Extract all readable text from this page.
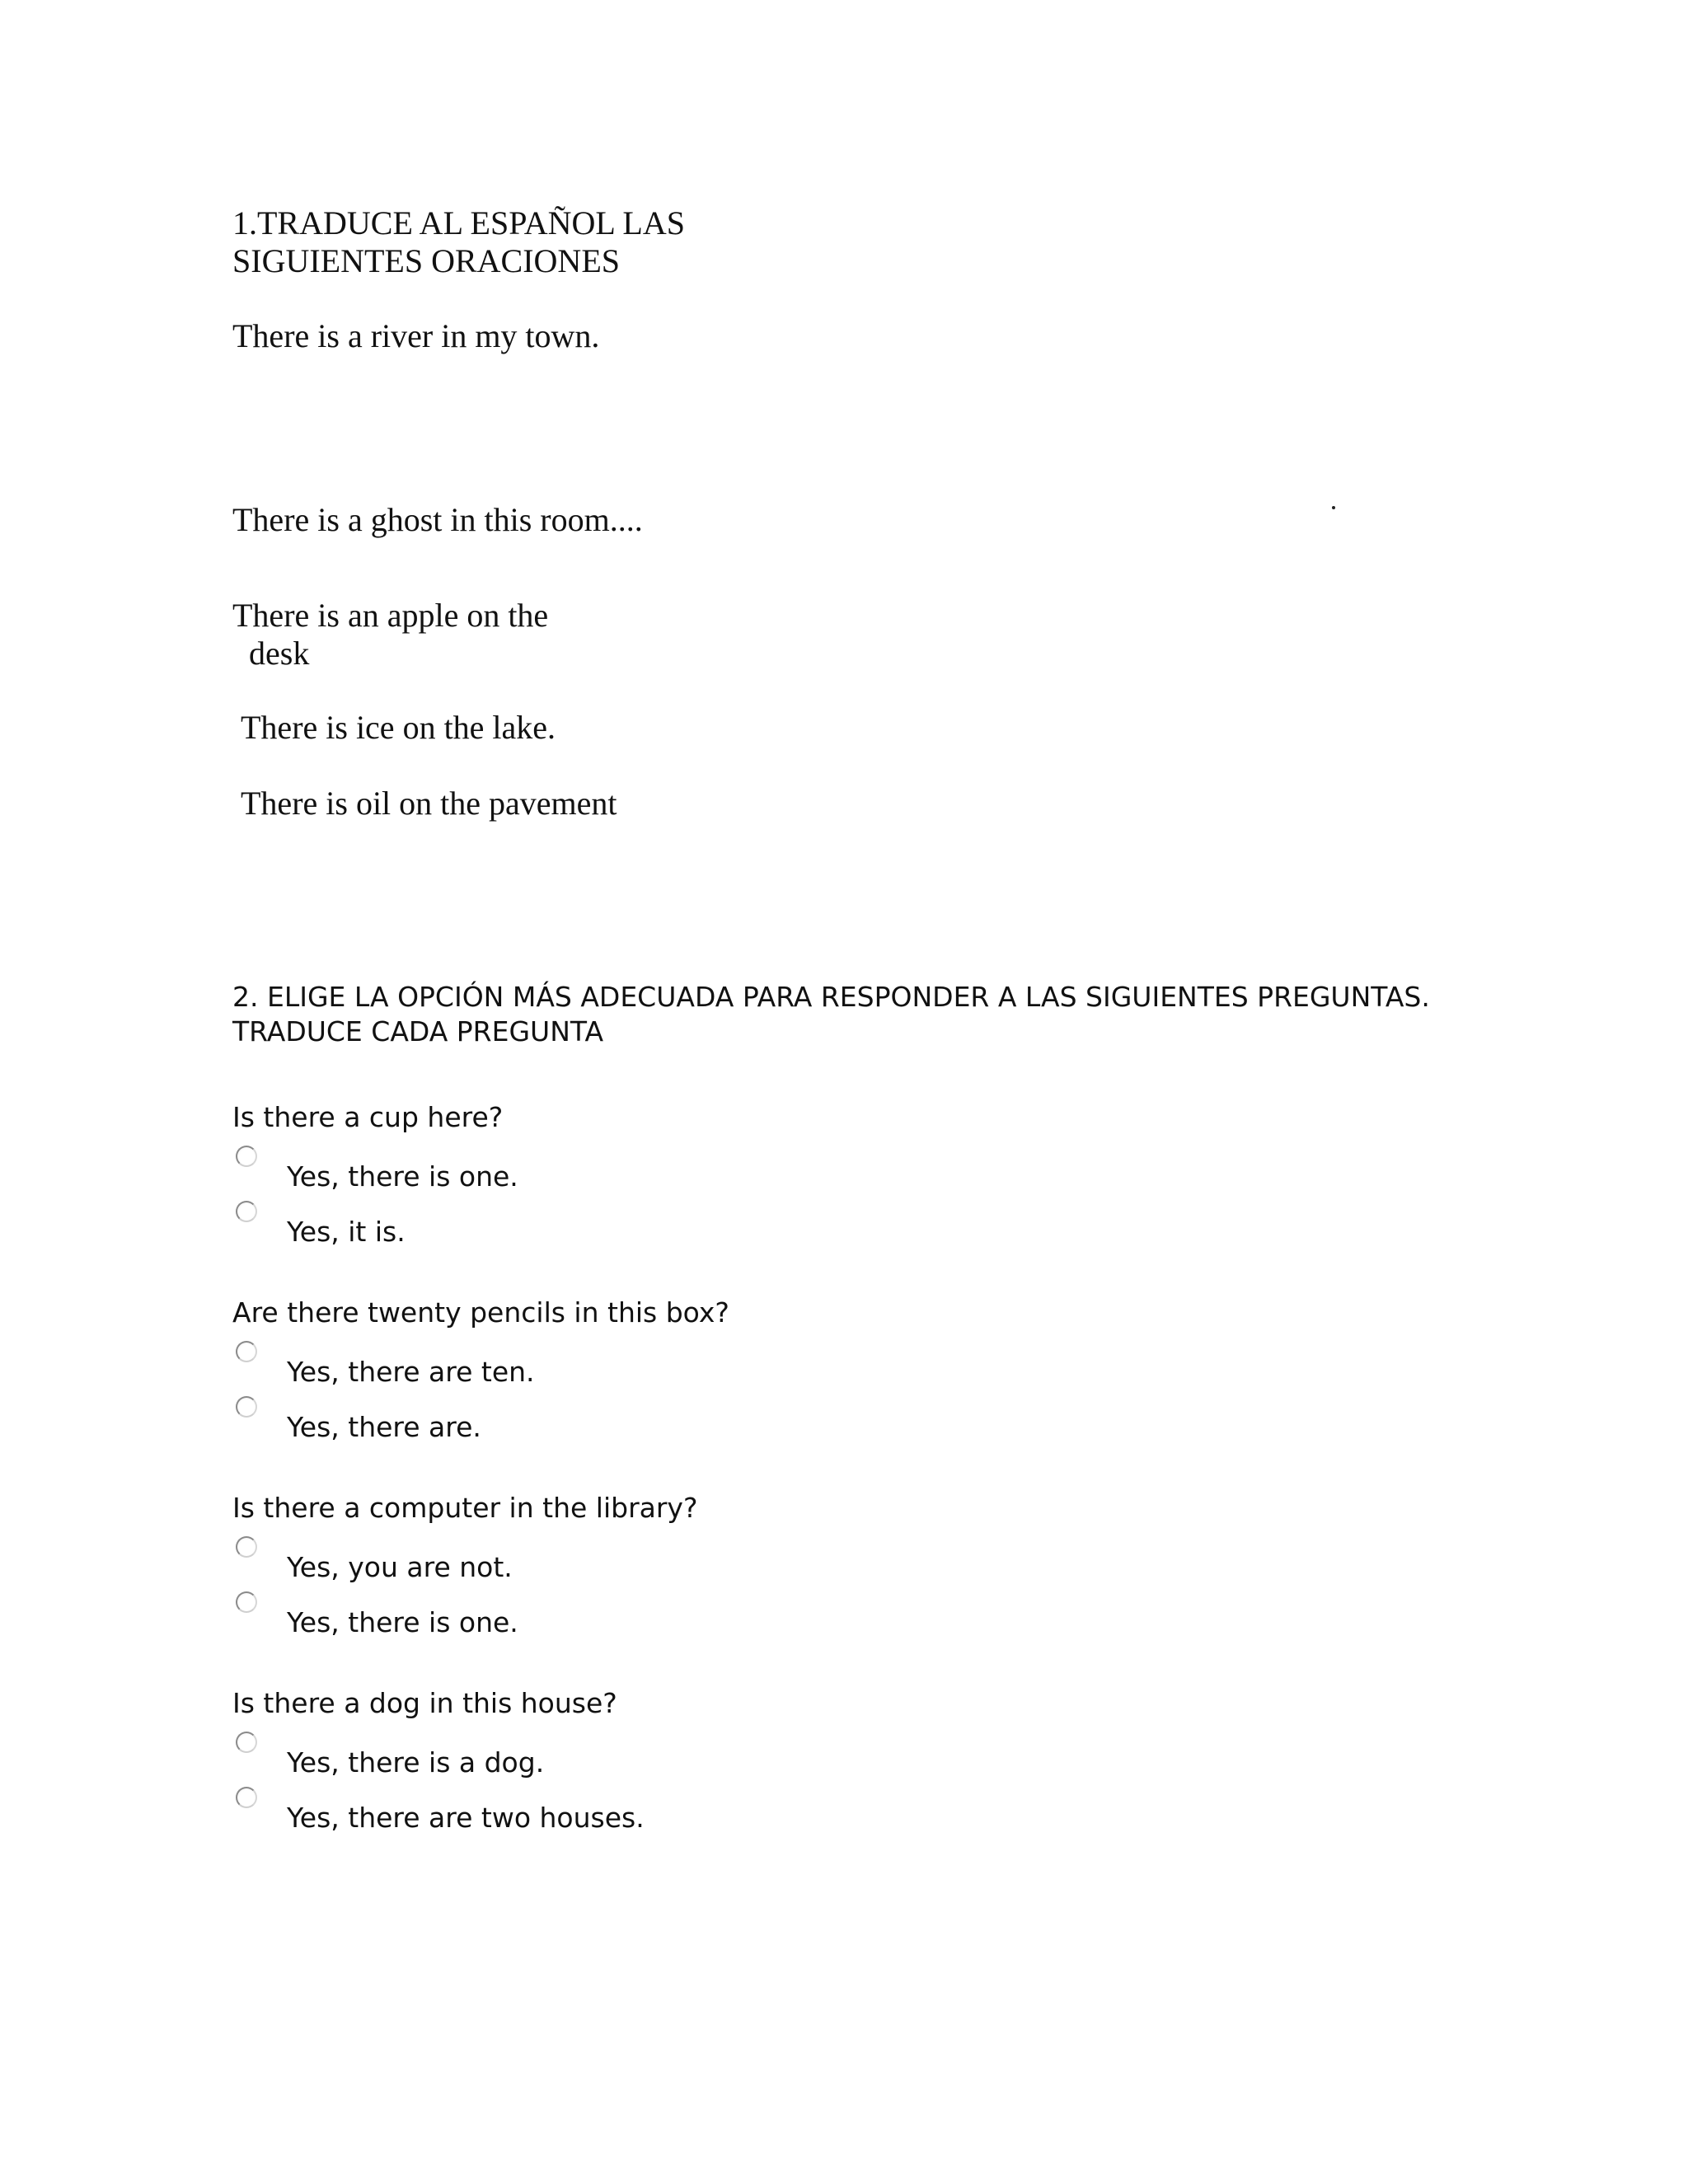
1.TRADUCE AL ESPAÑOL LAS
SIGUIENTES ORACIONES

There is a river in my town.

There is a ghost in this room....

There is an apple on the

desk

There is ice on the lake.

There is oil on the pavement

2. ELIGE LA OPCIÓN MÁS ADECUADA PARA RESPONDER A LAS SIGUIENTES PREGUNTAS.
TRADUCE CADA PREGUNTA

Is there a cup here?

Yes, there is one.
Yes, it is.

Are there twenty pencils in this box?

Yes, there are ten.
Yes, there are.

Is there a computer in the library?

Yes, you are not.
Yes, there is one.

Is there a dog in this house?

Yes, there is a dog.
Yes, there are two houses.
